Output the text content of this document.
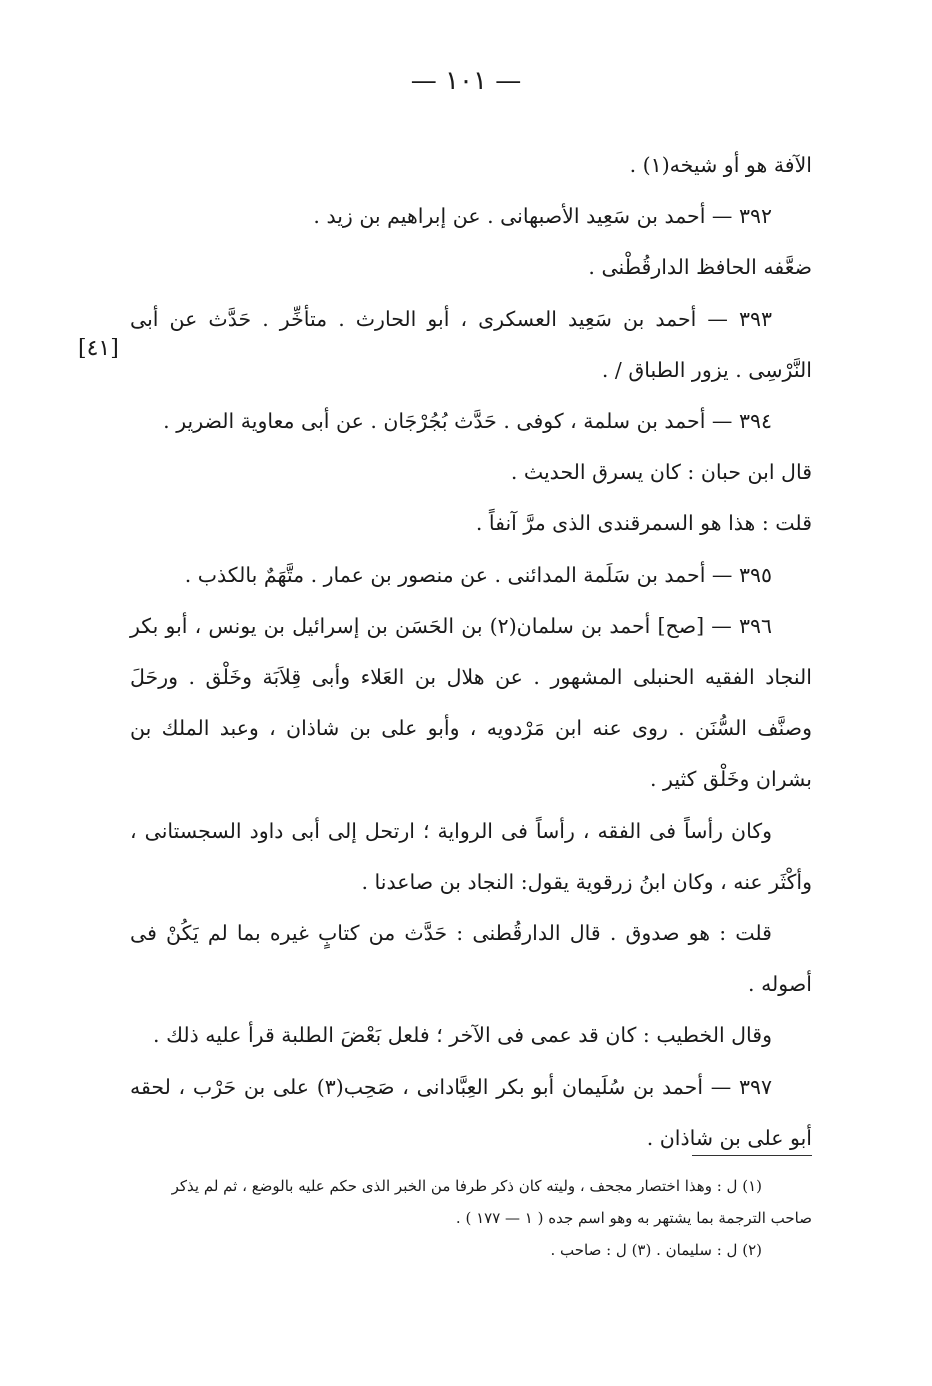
— ١٠١ —
[٤١]

الآفة هو أو شيخه(١) .

٣٩٢ — أحمد بن سَعِيد الأصبهانى . عن إبراهيم بن زيد .

ضعَّفه الحافظ الدارقُطْنى .

٣٩٣ — أحمد بن سَعِيد العسكرى ، أبو الحارث . متأخِّر . حَدَّث عن أبى النَّرْسِى . يزور الطباق / .

٣٩٤ — أحمد بن سلمة ، كوفى . حَدَّث بُجُرْجَان . عن أبى معاوية الضرير .

قال ابن حبان : كان يسرق الحديث .

قلت : هذا هو السمرقندى الذى مرَّ آنفاً .

٣٩٥ — أحمد بن سَلَمة المدائنى . عن منصور بن عمار . متَّهَمٌ بالكذب .

٣٩٦ — [صح] أحمد بن سلمان(٢) بن الحَسَن بن إسرائيل بن يونس ، أبو بكر النجاد الفقيه الحنبلى المشهور . عن هلال بن العَلاء وأبى قِلاَبَة وخَلْق . ورحَلَ وصنَّف السُّنَن . روى عنه ابن مَرْدويه ، وأبو على بن شاذان ، وعبد الملك بن بشران وخَلْق كثير .

وكان رأساً فى الفقه ، رأساً فى الرواية ؛ ارتحل إلى أبى داود السجستانى ، وأكْثَر عنه ، وكان ابنُ زرقوية يقول: النجاد بن صاعدنا .

قلت : هو صدوق . قال الدارقُطنى : حَدَّث من كتابٍ غيره بما لم يَكُنْ فى أصوله .

وقال الخطيب : كان قد عمى فى الآخر ؛ فلعل بَعْضَ الطلبة قرأ عليه ذلك .

٣٩٧ — أحمد بن سُلَيمان أبو بكر العِبَّادانى ، صَحِب(٣) على بن حَرْب ، لحقه أبو على بن شاذان .

(١) ل : وهذا اختصار مجحف ، وليته كان ذكر طرفا من الخبر الذى حكم عليه بالوضع ، ثم لم يذكر صاحب الترجمة بما يشتهر به وهو اسم جده ( ١ — ١٧٧ ) .

(٢) ل : سليمان . (٣) ل : صاحب .
